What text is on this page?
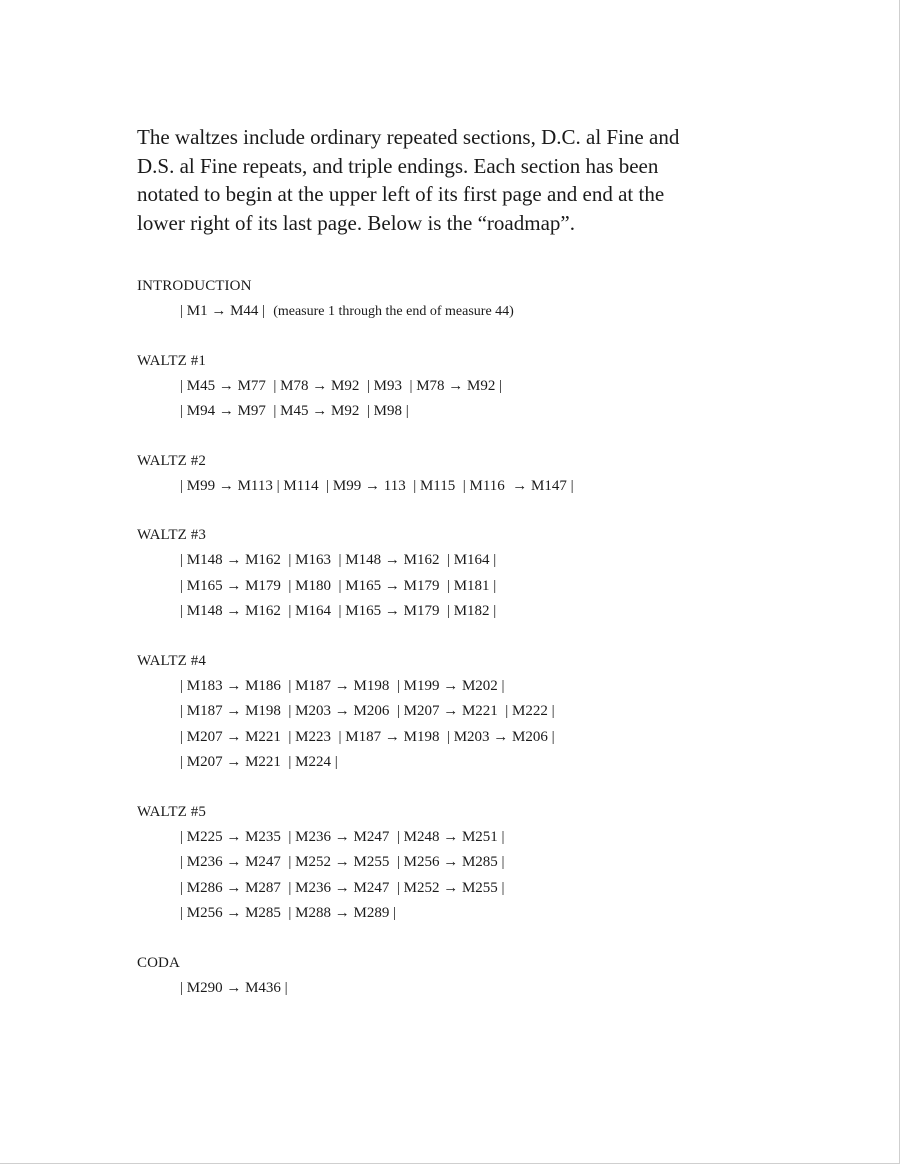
The waltzes include ordinary repeated sections, D.C. al Fine and

D.S. al Fine repeats, and triple endings. Each section has been

notated to begin at the upper left of its first page and end at the

lower right of its last page. Below is the “roadmap”.

INTRODUCTION
| M1 → M44 | (measure 1 through the end of measure 44)
WALTZ #1
| M45 → M77  | M78 → M92  | M93  | M78 → M92 |
| M94 → M97  | M45 → M92  | M98 |
WALTZ #2
| M99 → M113 | M114  | M99 → 113  | M115  | M116  → M147 |
WALTZ #3
| M148 → M162  | M163  | M148 → M162  | M164 |
| M165 → M179  | M180  | M165 → M179  | M181 |
| M148 → M162  | M164  | M165 → M179  | M182 |
WALTZ #4
| M183 → M186  | M187 → M198  | M199 → M202 |
| M187 → M198  | M203 → M206  | M207 → M221  | M222 |
| M207 → M221  | M223  | M187 → M198  | M203 → M206 |
| M207 → M221  | M224 |
WALTZ #5
| M225 → M235  | M236 → M247  | M248 → M251 |
| M236 → M247  | M252 → M255  | M256 → M285 |
| M286 → M287  | M236 → M247  | M252 → M255 |
| M256 → M285  | M288 → M289 |
CODA
| M290 → M436 |
